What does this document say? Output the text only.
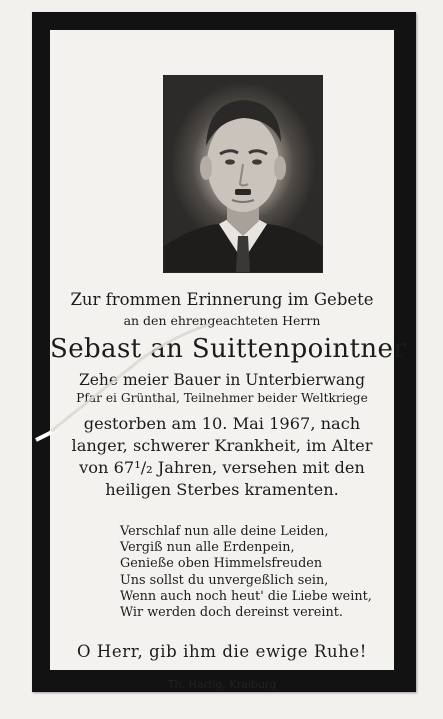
Zur frommen Erinnerung im Gebete
an den ehrengeachteten Herrn
Sebast an Suittenpointner
Zehe meier Bauer in Unterbierwang
Pfar ei Grünthal, Teilnehmer beider Weltkriege
gestorben am 10. Mai 1967, nach
langer, schwerer Krankheit, im Alter
von 67¹/₂ Jahren, versehen mit den
heiligen Sterbes kramenten.
Verschlaf nun alle deine Leiden,
Vergiß nun alle Erdenpein,
Genieße oben Himmelsfreuden
Uns sollst du unvergeßlich sein,
Wenn auch noch heut' die Liebe weint,
Wir werden doch dereinst vereint.
O Herr, gib ihm die ewige Ruhe!
Th. Hartig, Kraiburg
